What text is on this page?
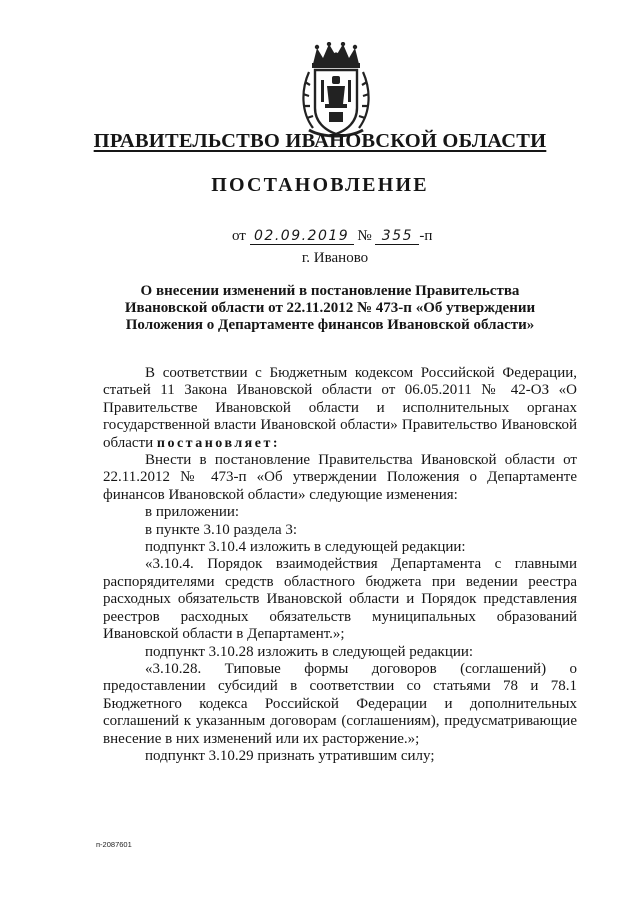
ПРАВИТЕЛЬСТВО ИВАНОВСКОЙ ОБЛАСТИ
ПОСТАНОВЛЕНИЕ
от 02.09.2019 № 355 -п
г. Иваново
О внесении изменений в постановление Правительства Ивановской области от 22.11.2012 № 473-п «Об утверждении Положения о Департаменте финансов Ивановской области»

В соответствии с Бюджетным кодексом Российской Федерации, статьей 11 Закона Ивановской области от 06.05.2011 № 42-ОЗ «О Правительстве Ивановской области и исполнительных органах государственной власти Ивановской области» Правительство Ивановской области постановляет:

Внести в постановление Правительства Ивановской области от 22.11.2012 № 473-п «Об утверждении Положения о Департаменте финансов Ивановской области» следующие изменения:

в приложении:

в пункте 3.10 раздела 3:

подпункт 3.10.4 изложить в следующей редакции:

«3.10.4. Порядок взаимодействия Департамента с главными распорядителями средств областного бюджета при ведении реестра расходных обязательств Ивановской области и Порядок представления реестров расходных обязательств муниципальных образований Ивановской области в Департамент.»;

подпункт 3.10.28 изложить в следующей редакции:

«3.10.28. Типовые формы договоров (соглашений) о предоставлении субсидий в соответствии со статьями 78 и 78.1 Бюджетного кодекса Российской Федерации и дополнительных соглашений к указанным договорам (соглашениям), предусматривающие внесение в них изменений или их расторжение.»;

подпункт 3.10.29 признать утратившим силу;

п-2087601
